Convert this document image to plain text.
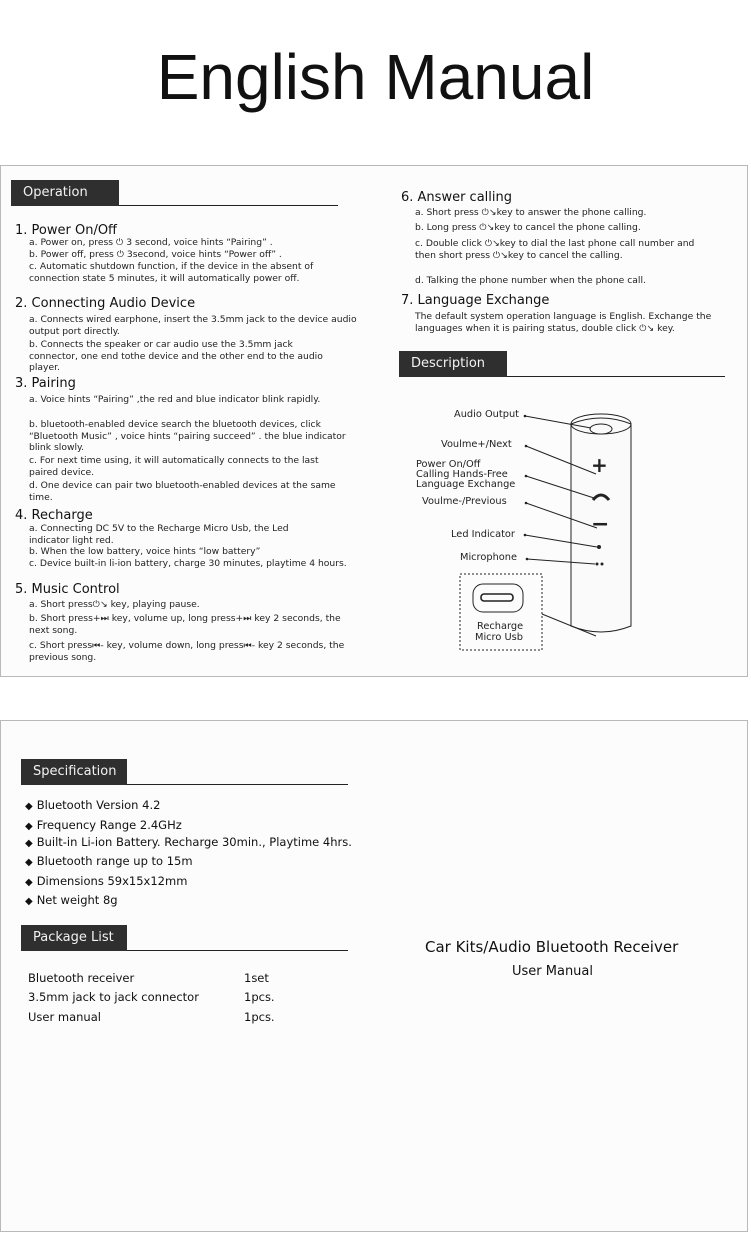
English Manual
Operation
1. Power On/Off
a. Power on, press ⏻ 3 second, voice hints “Pairing” .
b. Power off, press ⏻ 3second, voice hints “Power off” .
c. Automatic shutdown function, if the device in the absent of connection state 5 minutes, it will automatically power off.
2. Connecting Audio Device
a. Connects wired earphone, insert the 3.5mm jack to the device audio output port directly.
b. Connects the speaker or car audio use the 3.5mm jack connector, one end tothe device and the other end to the audio player.
3. Pairing
a. Voice hints “Pairing” ,the red and blue indicator blink rapidly.
b. bluetooth-enabled device search the bluetooth devices, click “Bluetooth Music” , voice hints “pairing succeed” . the blue indicator blink slowly.
c. For next time using, it will automatically connects to the last paired device.
d. One device can pair two bluetooth-enabled devices at the same time.
4. Recharge
a. Connecting DC 5V to the Recharge Micro Usb, the Led indicator light red.
b. When the low battery, voice hints “low battery”
c. Device built-in li-ion battery, charge 30 minutes, playtime 4 hours.
5. Music Control
a. Short press⏻↘ key, playing pause.
b. Short press+⏭ key, volume up, long press+⏭ key 2 seconds, the next song.
c. Short press⏮- key, volume down, long press⏮- key 2 seconds, the previous song.
6. Answer calling
a. Short press ⏻↘key to answer the phone calling.
b. Long press ⏻↘key to cancel the phone calling.
c. Double click ⏻↘key to dial the last phone call number and then short press ⏻↘key to cancel the calling.
d. Talking the phone number when the phone call.
7. Language Exchange
The default system operation language is English. Exchange the languages when it is pairing status, double click ⏻↘ key.
Description
+
−
Audio Output
Voulme+/Next
Power On/Off
Calling Hands-Free
Language Exchange
Voulme-/Previous
Led Indicator
Microphone
Recharge
Micro Usb
Specification
◆ Bluetooth Version 4.2
◆ Frequency Range 2.4GHz
◆ Built-in Li-ion Battery. Recharge 30min., Playtime 4hrs.
◆ Bluetooth range up to 15m
◆ Dimensions 59x15x12mm
◆ Net weight 8g
Package List
Bluetooth receiver	1set
3.5mm jack to jack connector	1pcs.
User manual	1pcs.
Car Kits/Audio Bluetooth Receiver
User Manual
